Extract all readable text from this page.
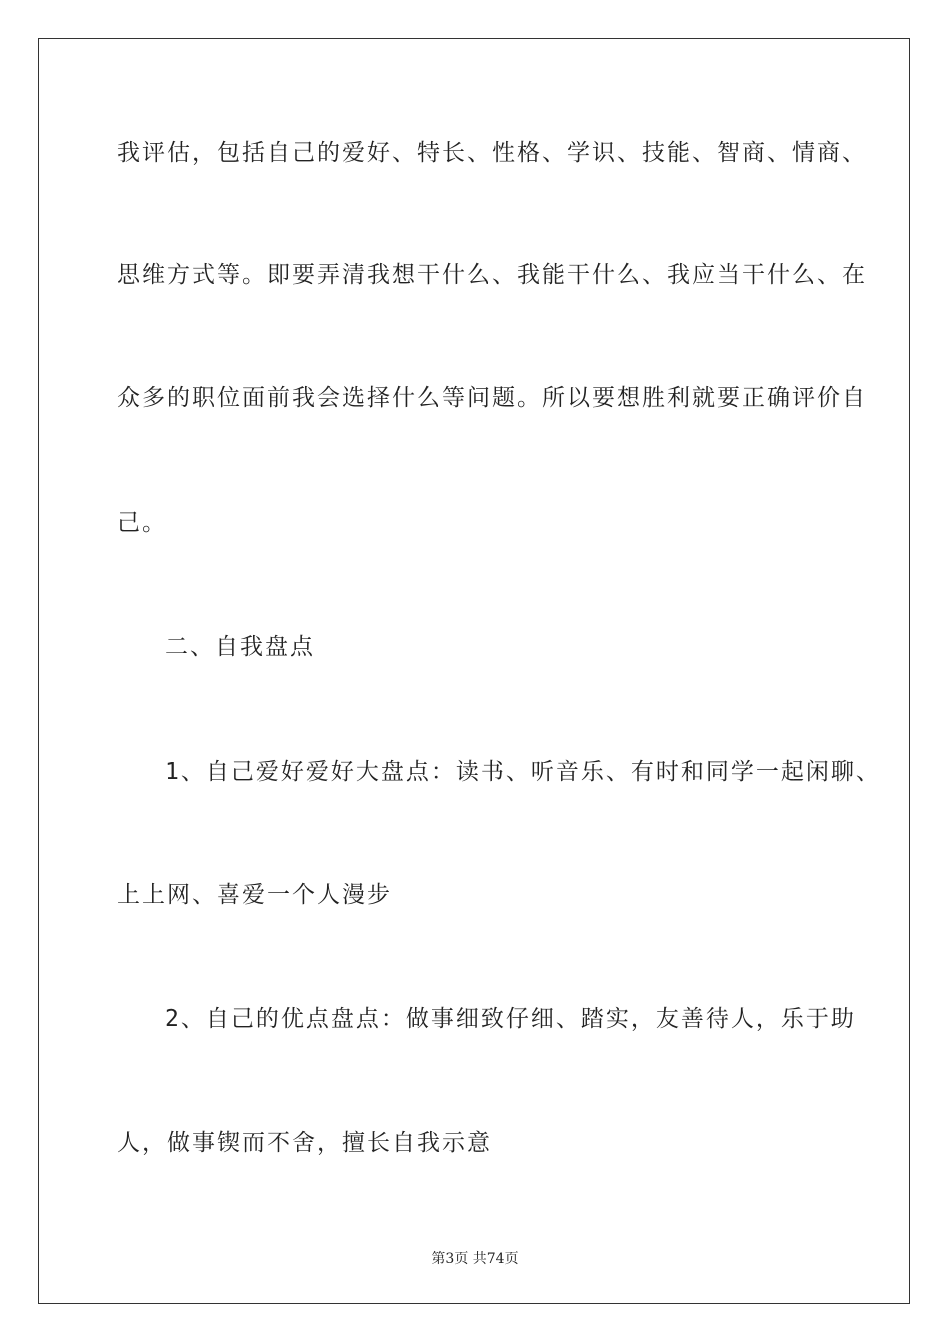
我评估，包括自己的爱好、特长、性格、学识、技能、智商、情商、
思维方式等。即要弄清我想干什么、我能干什么、我应当干什么、在
众多的职位面前我会选择什么等问题。所以要想胜利就要正确评价自
己。
二、自我盘点
1、自己爱好爱好大盘点：读书、听音乐、有时和同学一起闲聊、
上上网、喜爱一个人漫步
2、自己的优点盘点：做事细致仔细、踏实，友善待人，乐于助
人，做事锲而不舍，擅长自我示意
第3页 共74页
